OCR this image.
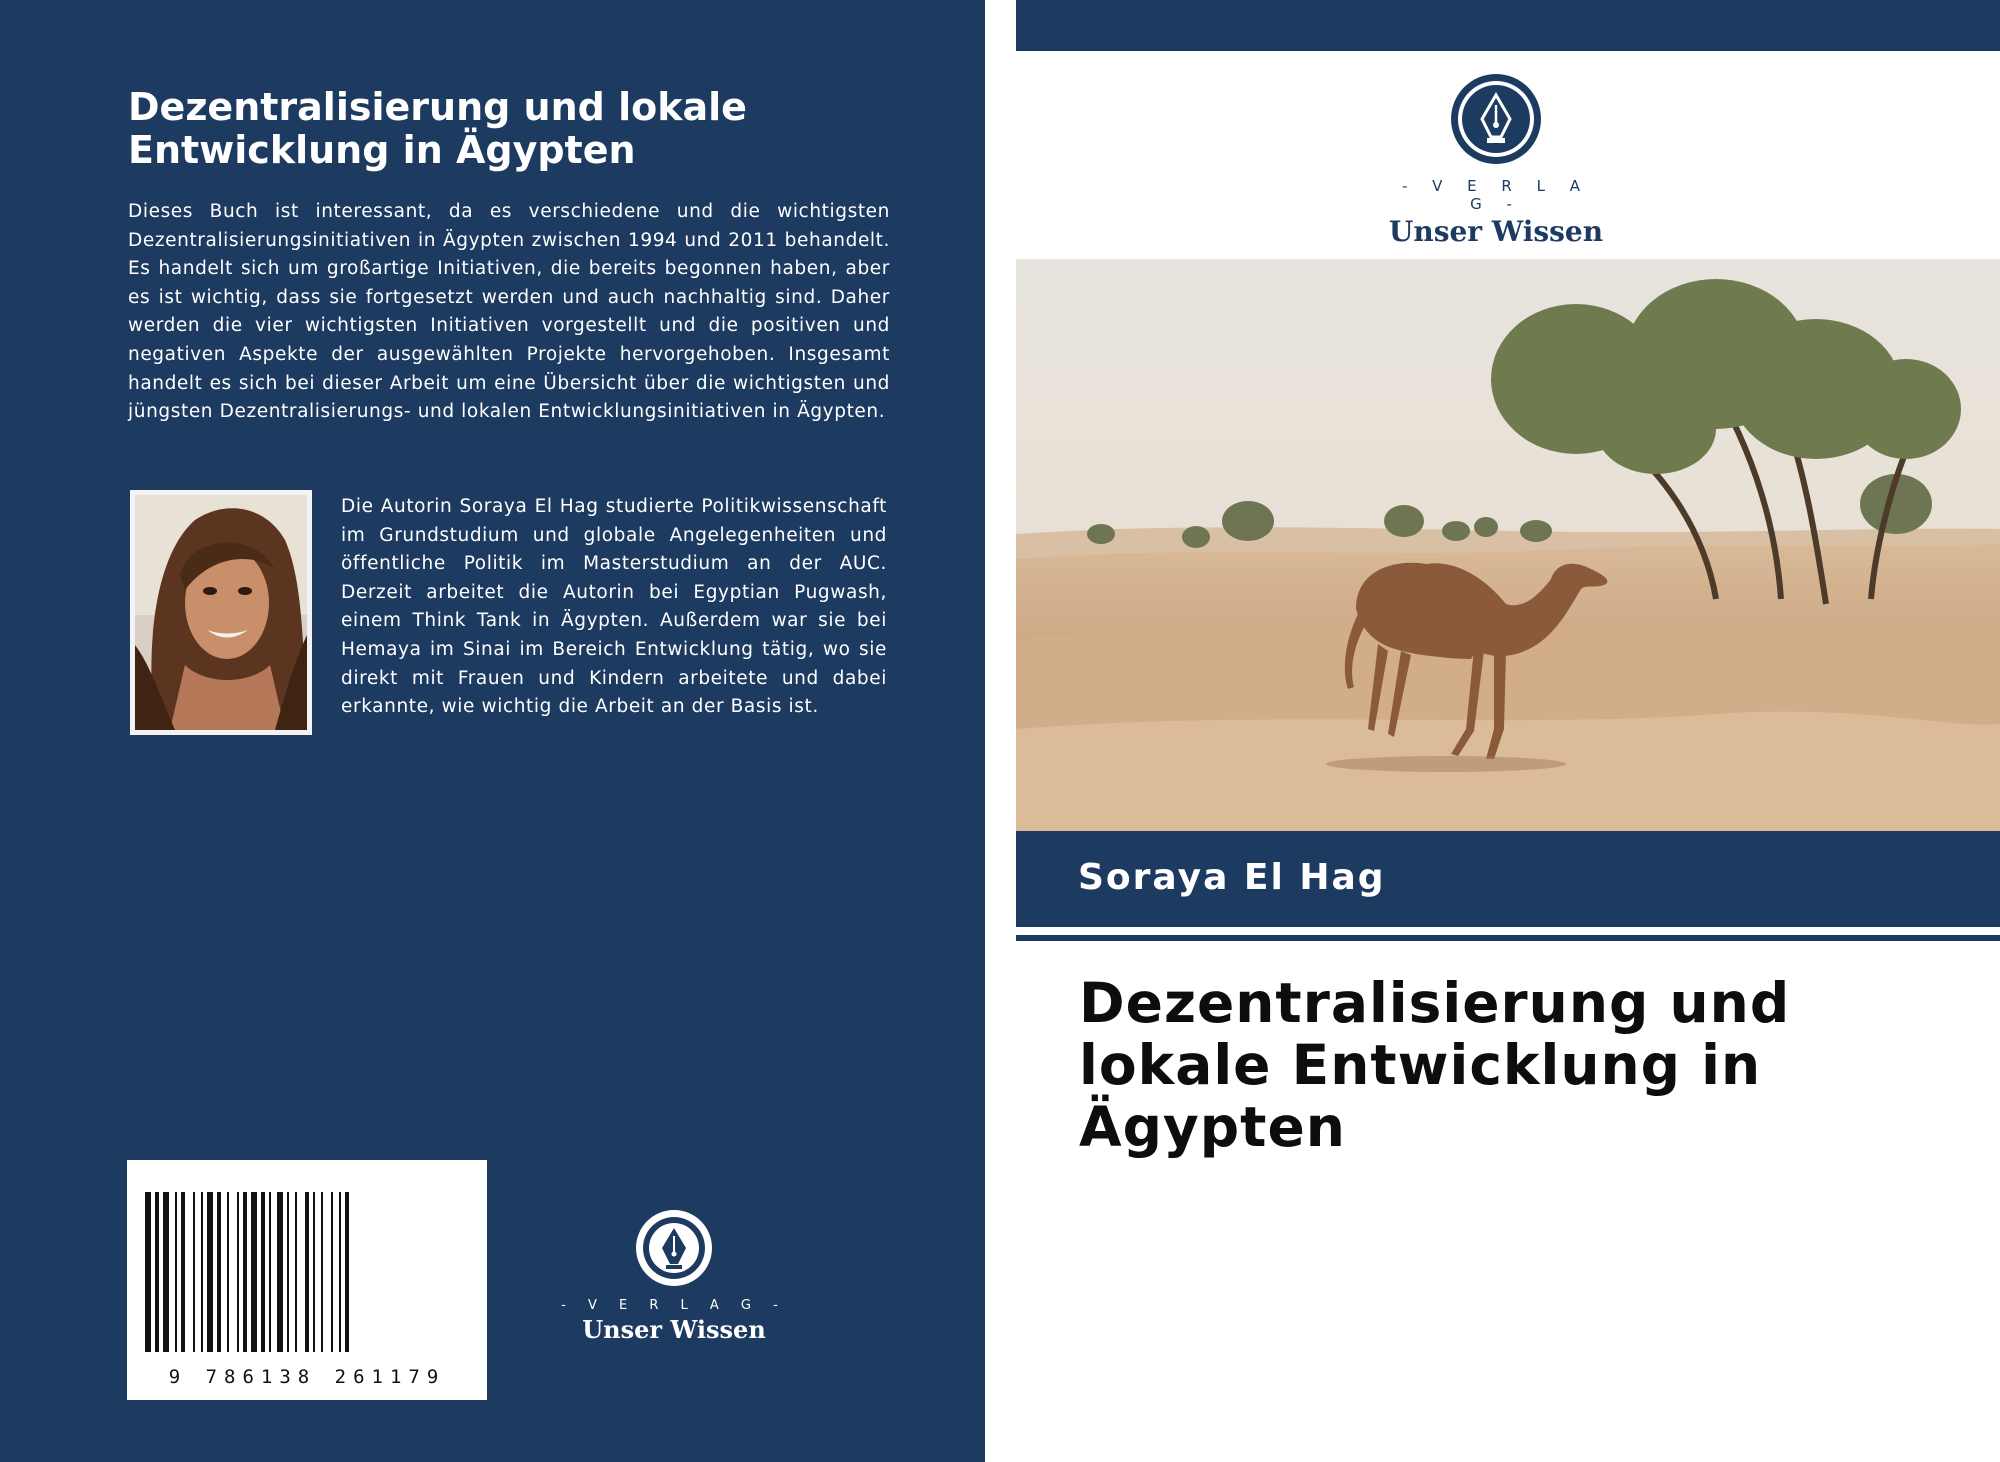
Dezentralisierung und lokale Entwicklung in Ägypten

Dieses Buch ist interessant, da es verschiedene und die wichtigsten Dezentralisierungsinitiativen in Ägypten zwischen 1994 und 2011 behandelt. Es handelt sich um großartige Initiativen, die bereits begonnen haben, aber es ist wichtig, dass sie fortgesetzt werden und auch nachhaltig sind. Daher werden die vier wichtigsten Initiativen vorgestellt und die positiven und negativen Aspekte der ausgewählten Projekte hervorgehoben. Insgesamt handelt es sich bei dieser Arbeit um eine Übersicht über die wichtigsten und jüngsten Dezentralisierungs- und lokalen Entwicklungsinitiativen in Ägypten.

Die Autorin Soraya El Hag studierte Politikwissenschaft im Grundstudium und globale Angelegenheiten und öffentliche Politik im Masterstudium an der AUC. Derzeit arbeitet die Autorin bei Egyptian Pugwash, einem Think Tank in Ägypten. Außerdem war sie bei Hemaya im Sinai im Bereich Entwicklung tätig, wo sie direkt mit Frauen und Kindern arbeitete und dabei erkannte, wie wichtig die Arbeit an der Basis ist.

9 786138 261179
- V E R L A G -
Unser Wissen
- V E R L A G -
Unser Wissen
Soraya El Hag
Dezentralisierung und lokale Entwicklung in Ägypten
